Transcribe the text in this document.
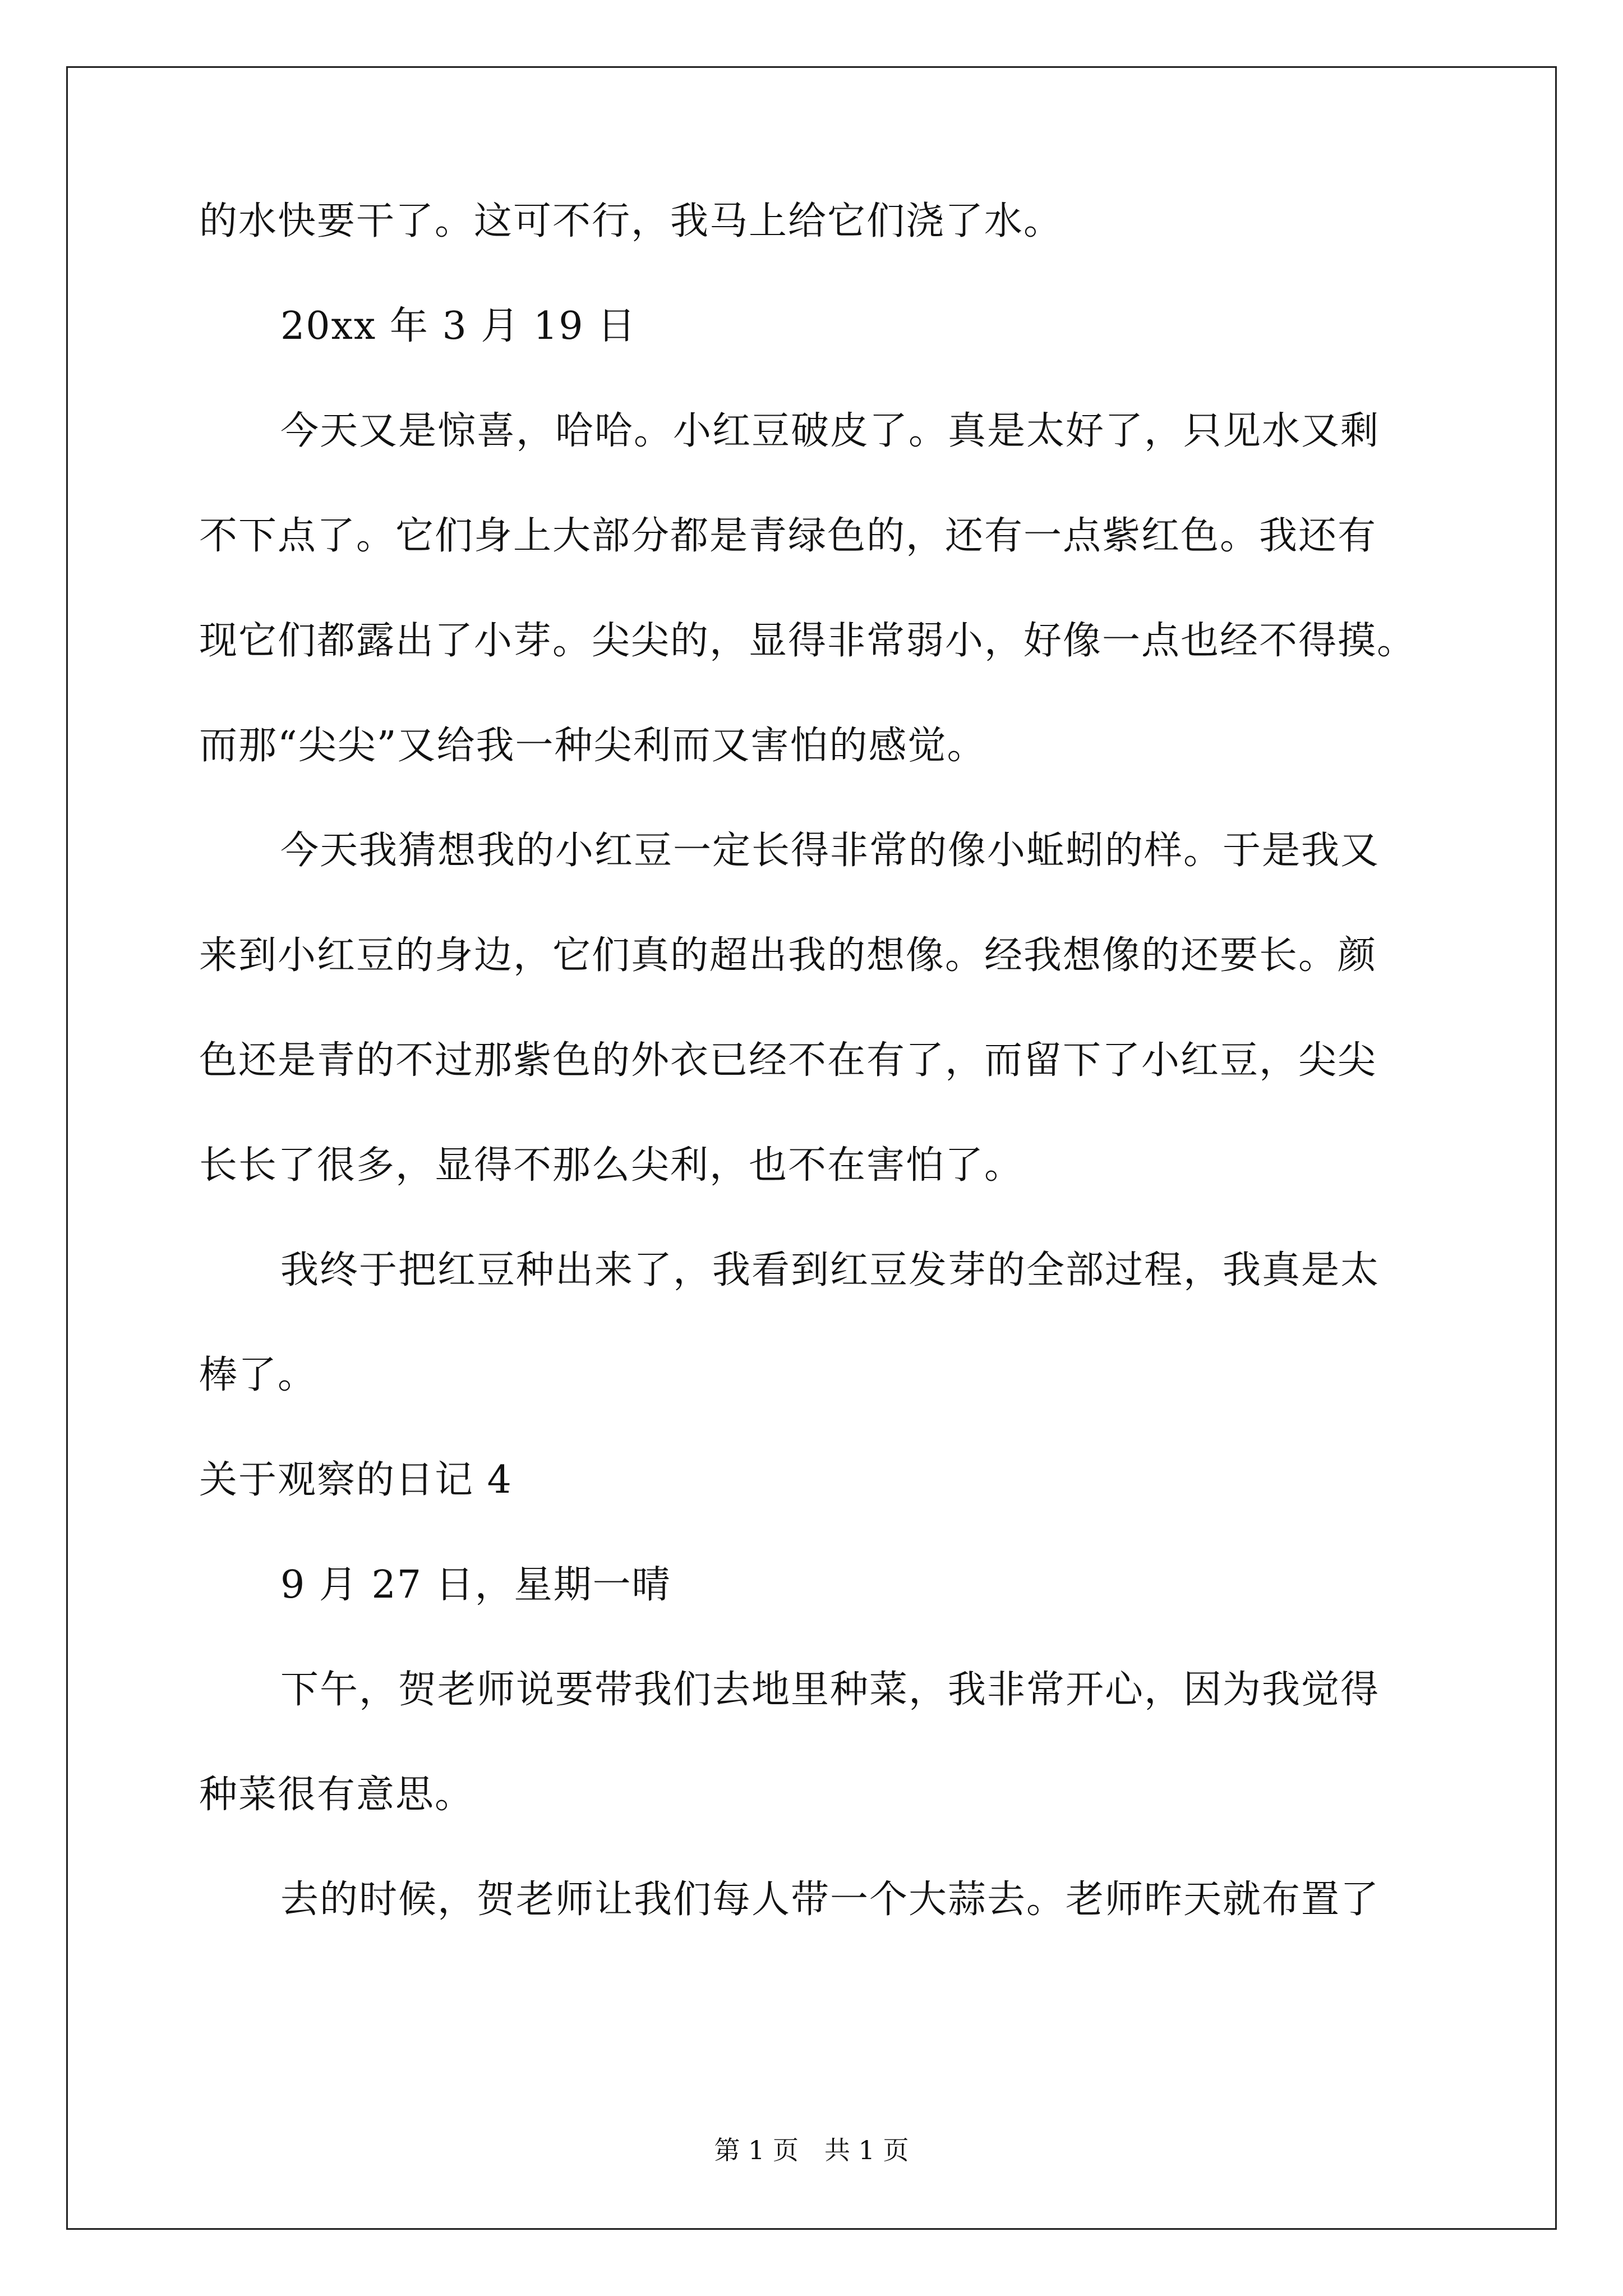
的水快要干了。这可不行，我马上给它们浇了水。
20xx 年 3 月 19 日
今天又是惊喜，哈哈。小红豆破皮了。真是太好了，只见水又剩
不下点了。它们身上大部分都是青绿色的，还有一点紫红色。我还有
现它们都露出了小芽。尖尖的，显得非常弱小，好像一点也经不得摸。
而那“尖尖”又给我一种尖利而又害怕的感觉。
今天我猜想我的小红豆一定长得非常的像小蚯蚓的样。于是我又
来到小红豆的身边，它们真的超出我的想像。经我想像的还要长。颜
色还是青的不过那紫色的外衣已经不在有了，而留下了小红豆，尖尖
长长了很多，显得不那么尖利，也不在害怕了。
我终于把红豆种出来了，我看到红豆发芽的全部过程，我真是太
棒了。
关于观察的日记 4
9 月 27 日，星期一晴
下午，贺老师说要带我们去地里种菜，我非常开心，因为我觉得
种菜很有意思。
去的时候，贺老师让我们每人带一个大蒜去。老师昨天就布置了
第 1 页　共 1 页
